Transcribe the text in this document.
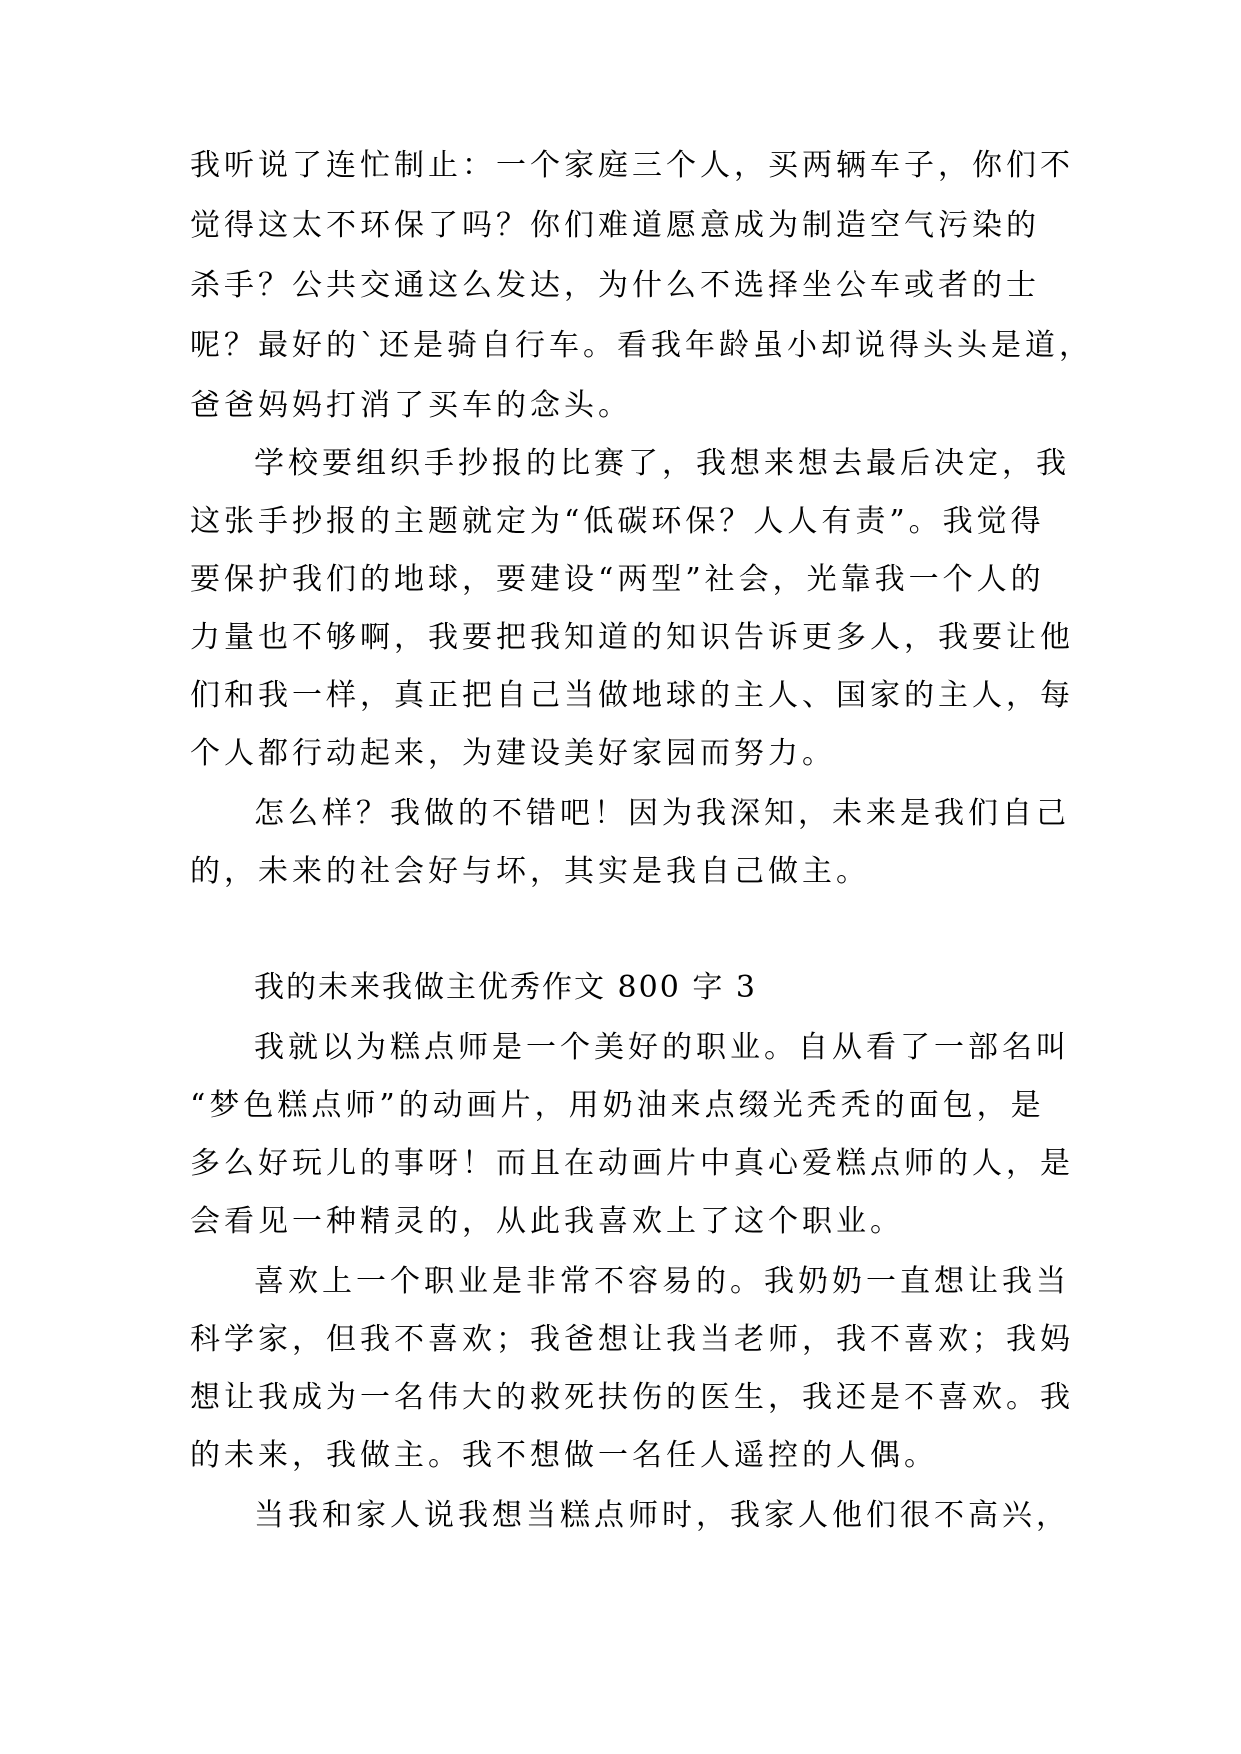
我听说了连忙制止：一个家庭三个人，买两辆车子，你们不
觉得这太不环保了吗？你们难道愿意成为制造空气污染的
杀手？公共交通这么发达，为什么不选择坐公车或者的士
呢？最好的`还是骑自行车。看我年龄虽小却说得头头是道，
爸爸妈妈打消了买车的念头。
学校要组织手抄报的比赛了，我想来想去最后决定，我
这张手抄报的主题就定为“低碳环保？人人有责”。我觉得
要保护我们的地球，要建设“两型”社会，光靠我一个人的
力量也不够啊，我要把我知道的知识告诉更多人，我要让他
们和我一样，真正把自己当做地球的主人、国家的主人，每
个人都行动起来，为建设美好家园而努力。
怎么样？我做的不错吧！因为我深知，未来是我们自己
的，未来的社会好与坏，其实是我自己做主。
我的未来我做主优秀作文 800 字 3
我就以为糕点师是一个美好的职业。自从看了一部名叫
“梦色糕点师”的动画片，用奶油来点缀光秃秃的面包，是
多么好玩儿的事呀！而且在动画片中真心爱糕点师的人，是
会看见一种精灵的，从此我喜欢上了这个职业。
喜欢上一个职业是非常不容易的。我奶奶一直想让我当
科学家，但我不喜欢；我爸想让我当老师，我不喜欢；我妈
想让我成为一名伟大的救死扶伤的医生，我还是不喜欢。我
的未来，我做主。我不想做一名任人遥控的人偶。
当我和家人说我想当糕点师时，我家人他们很不高兴，
